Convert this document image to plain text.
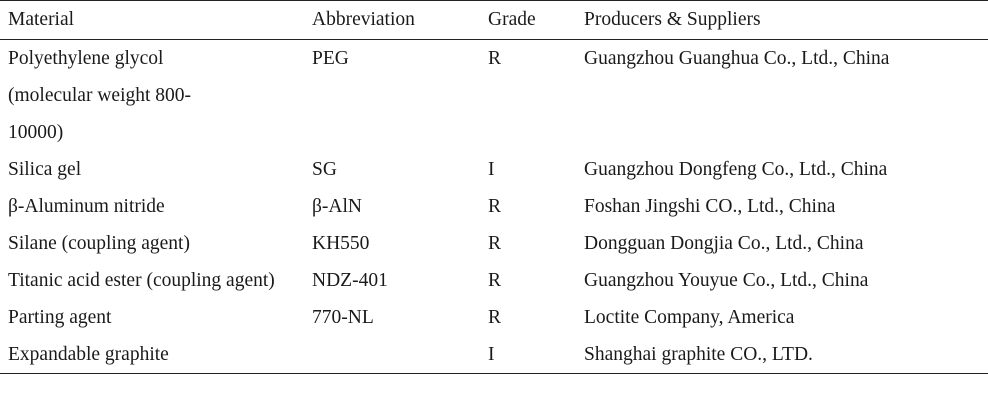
Material	Abbreviation	Grade	Producers & Suppliers
Polyethylene glycol (molecular weight 800-10000)	PEG	R	Guangzhou Guanghua Co., Ltd., China
Silica gel	SG	I	Guangzhou Dongfeng Co., Ltd., China
β-Aluminum nitride	β-AlN	R	Foshan Jingshi CO., Ltd., China
Silane (coupling agent)	KH550	R	Dongguan Dongjia Co., Ltd., China
Titanic acid ester (coupling agent)	NDZ-401	R	Guangzhou Youyue Co., Ltd., China
Parting agent	770-NL	R	Loctite Company, America
Expandable graphite		I	Shanghai graphite CO., LTD.
